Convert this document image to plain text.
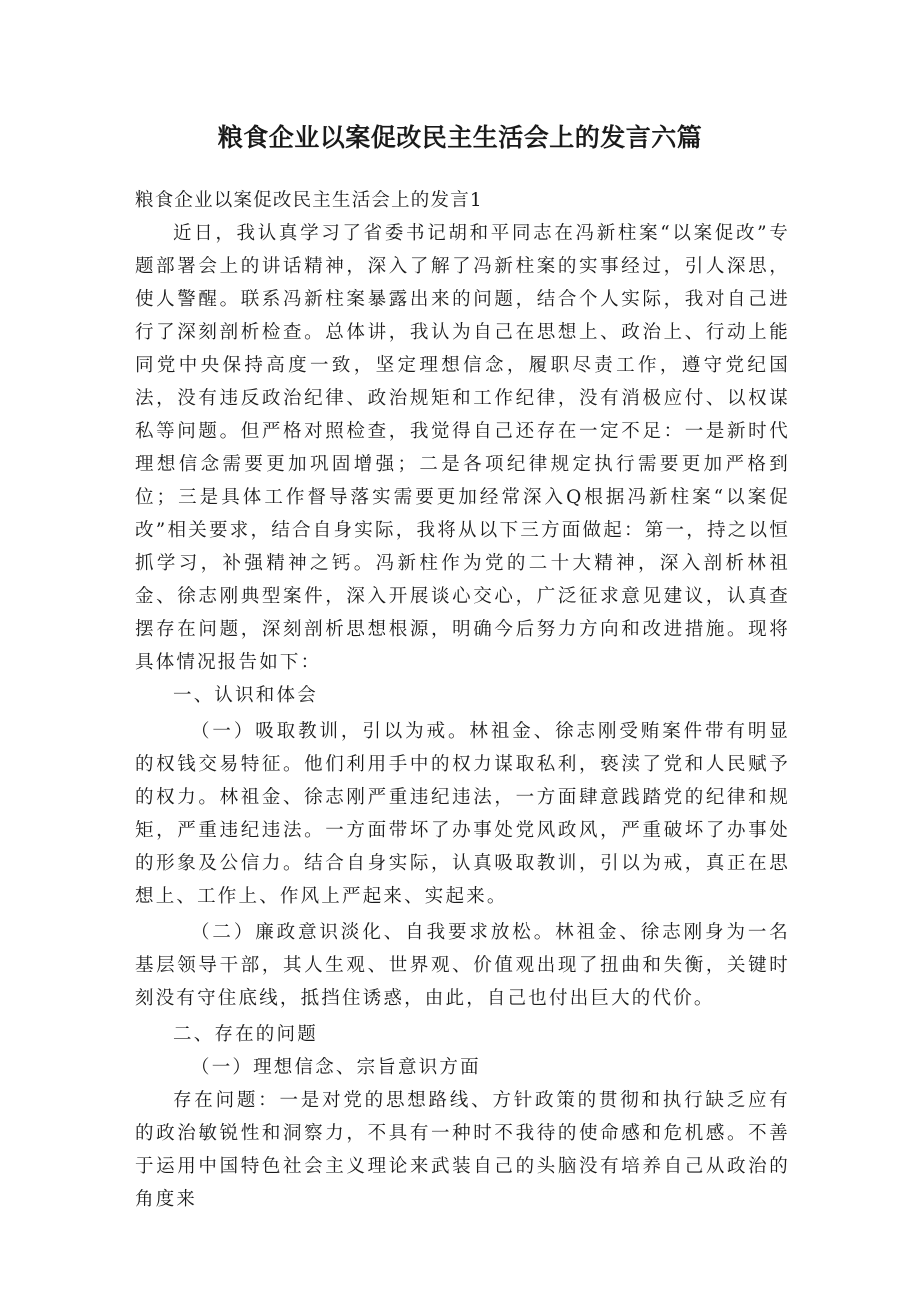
粮食企业以案促改民主生活会上的发言六篇

粮食企业以案促改民主生活会上的发言1

近日，我认真学习了省委书记胡和平同志在冯新柱案“以案促改”专题部署会上的讲话精神，深入了解了冯新柱案的实事经过，引人深思，使人警醒。联系冯新柱案暴露出来的问题，结合个人实际，我对自己进行了深刻剖析检查。总体讲，我认为自己在思想上、政治上、行动上能同党中央保持高度一致，坚定理想信念，履职尽责工作，遵守党纪国法，没有违反政治纪律、政治规矩和工作纪律，没有消极应付、以权谋私等问题。但严格对照检查，我觉得自己还存在一定不足：一是新时代理想信念需要更加巩固增强；二是各项纪律规定执行需要更加严格到位；三是具体工作督导落实需要更加经常深入Q根据冯新柱案“以案促改”相关要求，结合自身实际，我将从以下三方面做起：第一，持之以恒抓学习，补强精神之钙。冯新柱作为党的二十大精神，深入剖析林祖金、徐志刚典型案件，深入开展谈心交心，广泛征求意见建议，认真查摆存在问题，深刻剖析思想根源，明确今后努力方向和改进措施。现将具体情况报告如下：

一、认识和体会

（一）吸取教训，引以为戒。林祖金、徐志刚受贿案件带有明显的权钱交易特征。他们利用手中的权力谋取私利，亵渎了党和人民赋予的权力。林祖金、徐志刚严重违纪违法，一方面肆意践踏党的纪律和规矩，严重违纪违法。一方面带坏了办事处党风政风，严重破坏了办事处的形象及公信力。结合自身实际，认真吸取教训，引以为戒，真正在思想上、工作上、作风上严起来、实起来。

（二）廉政意识淡化、自我要求放松。林祖金、徐志刚身为一名基层领导干部，其人生观、世界观、价值观出现了扭曲和失衡，关键时刻没有守住底线，抵挡住诱惑，由此，自己也付出巨大的代价。

二、存在的问题

（一）理想信念、宗旨意识方面

存在问题：一是对党的思想路线、方针政策的贯彻和执行缺乏应有的政治敏锐性和洞察力，不具有一种时不我待的使命感和危机感。不善于运用中国特色社会主义理论来武装自己的头脑没有培养自己从政治的角度来
